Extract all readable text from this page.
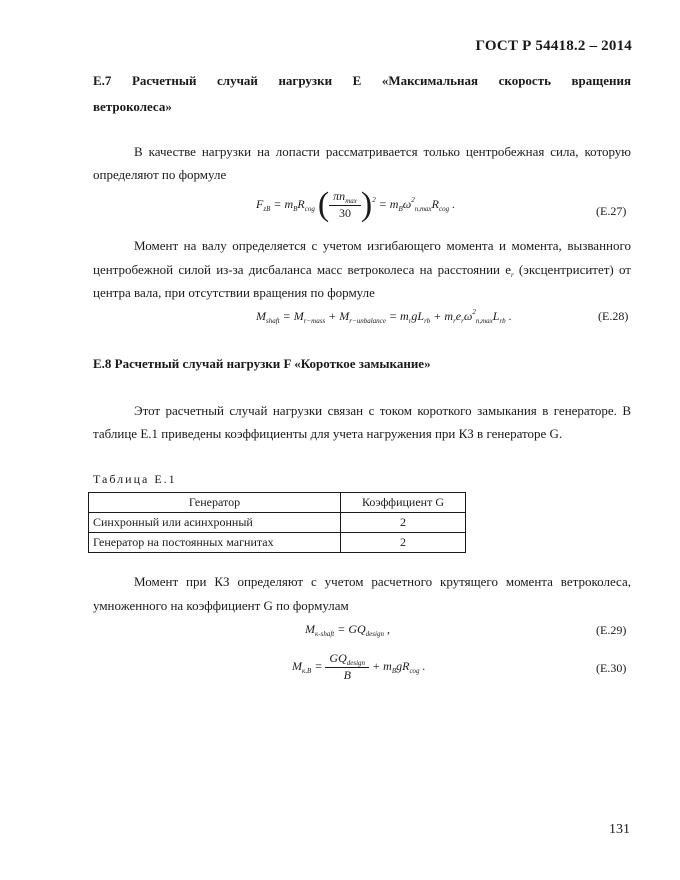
ГОСТ Р 54418.2 – 2014
Е.7 Расчетный случай нагрузки E «Максимальная скорость вращения
ветроколеса»
В качестве нагрузки на лопасти рассматривается только центробежная сила, которую
определяют по формуле
$F_{zB} = m_BR_{cog}$ ( $\frac{\pi n_{max}}{30} )^2 = m_B\omega^2_{n,max}R_{cog}$ .
(Е.27)
Момент на валу определяется с учетом изгибающего момента и момента, вызванного
центробежной силой из-за дисбаланса масс ветроколеса на расстоянии $e_r$ (эксцентриситет) от
центра вала, при отсутствии вращения по формуле
$M_{shaft} = M_{r-mass} + M_{r-unbalance} = m_rgL_{rb} + m_re_r\omega^2_{n,max}L_{rb}$ .	(Е.28)
Е.8 Расчетный случай нагрузки F «Короткое замыкание»
Этот расчетный случай нагрузки связан с током короткого замыкания в генераторе. В
таблице Е.1 приведены коэффициенты для учета нагружения при КЗ в генераторе G.
Таблица Е.1
Генератор	Коэффициент G
Синхронный или асинхронный	2
Генератор на постоянных магнитах	2
Момент при КЗ определяют с учетом расчетного крутящего момента ветроколеса,
умноженного на коэффициент G по формулам
$M_{к-shaft} = GQ_{design}$ ,	(Е.29)
$M_{к,B} = \frac{GQ_{design}}{B} + m_BgR_{cog}$ .	(Е.30)
131
